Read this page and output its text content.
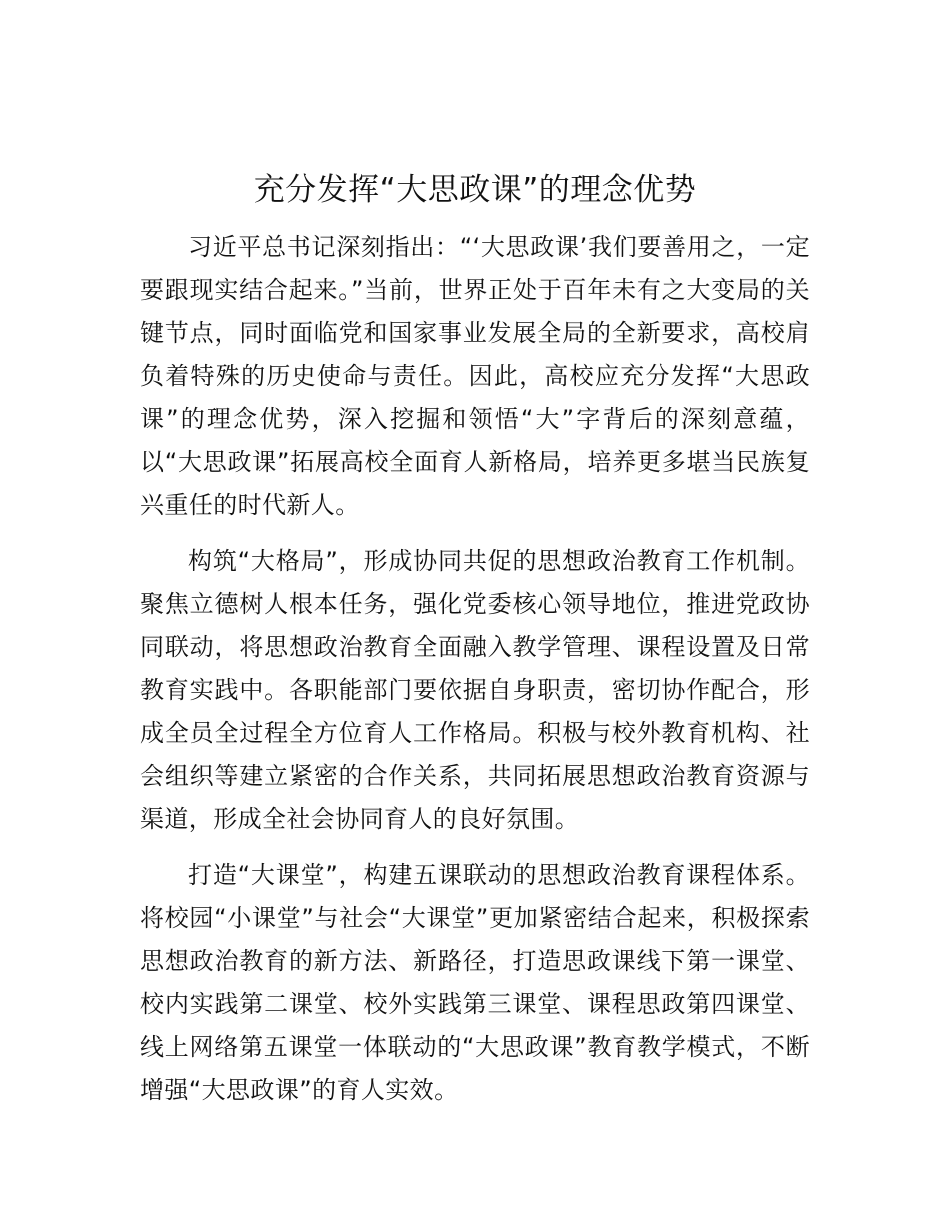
充分发挥“大思政课”的理念优势

习近平总书记深刻指出：“‘大思政课’我们要善用之，一定要跟现实结合起来。”当前，世界正处于百年未有之大变局的关键节点，同时面临党和国家事业发展全局的全新要求，高校肩负着特殊的历史使命与责任。因此，高校应充分发挥“大思政课”的理念优势，深入挖掘和领悟“大”字背后的深刻意蕴，以“大思政课”拓展高校全面育人新格局，培养更多堪当民族复兴重任的时代新人。

构筑“大格局”，形成协同共促的思想政治教育工作机制。聚焦立德树人根本任务，强化党委核心领导地位，推进党政协同联动，将思想政治教育全面融入教学管理、课程设置及日常教育实践中。各职能部门要依据自身职责，密切协作配合，形成全员全过程全方位育人工作格局。积极与校外教育机构、社会组织等建立紧密的合作关系，共同拓展思想政治教育资源与渠道，形成全社会协同育人的良好氛围。

打造“大课堂”，构建五课联动的思想政治教育课程体系。将校园“小课堂”与社会“大课堂”更加紧密结合起来，积极探索思想政治教育的新方法、新路径，打造思政课线下第一课堂、校内实践第二课堂、校外实践第三课堂、课程思政第四课堂、线上网络第五课堂一体联动的“大思政课”教育教学模式，不断增强“大思政课”的育人实效。
